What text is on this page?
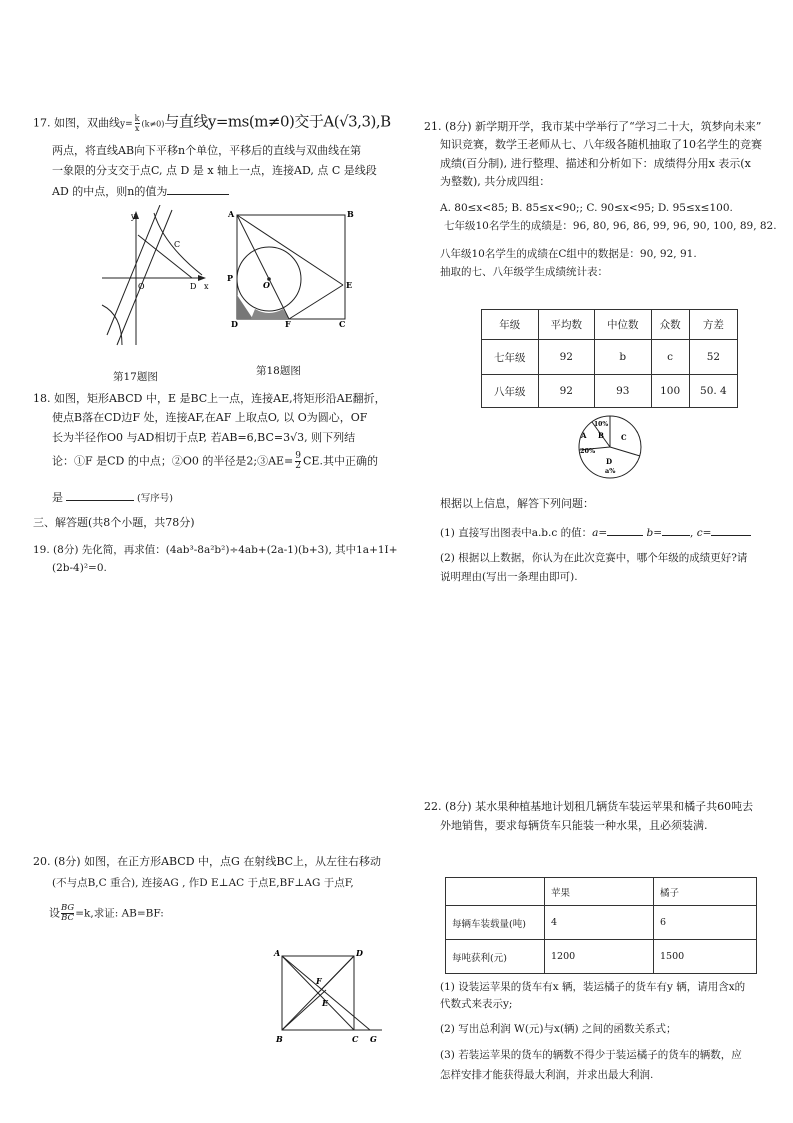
17. 如图，双曲线$y= \frac{k}{x} (k\ne 0)$与直线y=ms(m≠0)交于A(√3,3),B
两点，将直线AB向下平移n个单位，平移后的直线与双曲线在第
一象限的分支交于点C, 点 D 是 x 轴上一点，连接AD, 点 C 是线段
AD 的中点，则n的值为
y
O
C
D x
第17题图
A	B
P
O	E
D	F	C
第18题图
18. 如图，矩形ABCD 中，E 是BC上一点，连接AE,将矩形沿AE翻折，
使点B落在CD边F 处，连接AF,在AF 上取点O, 以 O为圆心，OF
长为半径作O0 与AD相切于点P, 若AB=6,BC=3√3, 则下列结
论：①F 是CD 的中点；②O0 的半径是2;③AE= $\frac{9}{2}$ CE.其中正确的
是	(写序号)
三、解答题(共8个小题，共78分)
19. (8分) 先化简，再求值：(4ab³-8a²b²)÷4ab+(2a-1)(b+3), 其中1a+1I+
(2b-4)²=0.
20. (8分) 如图，在正方形ABCD 中，点G 在射线BC上，从左往右移动
(不与点B,C 重合), 连接AG , 作D E⊥AC 于点E,BF⊥AG 于点F,
设 $\frac{BG}{BC} =k$,求证: AB=BF:
A	D
F
E
B	C G
21. (8分) 新学期开学，我市某中学举行了“学习二十大，筑梦向未来”
知识竞赛，数学王老师从七、八年级各随机抽取了10名学生的竞赛
成绩(百分制), 进行整理、描述和分析如下：成绩得分用x 表示(x
为整数), 共分成四组：
A. 80≤x<85; B. 85≤x<90;; C. 90≤x<95; D. 95≤x≤100.
七年级10名学生的成绩是：96, 80, 96, 86, 99, 96, 90, 100, 89, 82.
八年级10名学生的成绩在C组中的数据是：90, 92, 91.
抽取的七、八年级学生成绩统计表：
年级	平均数	中位数	众数	方差
七年级	92	b	c	52
八年级	92	93	100	50. 4
A
20%
10%
B C
D
a%
根据以上信息，解答下列问题：
(1) 直接写出图表中a.b.c 的值：a=	b=	, c=
(2) 根据以上数据，你认为在此次竞赛中，哪个年级的成绩更好?请
说明理由(写出一条理由即可).
22. (8分) 某水果种植基地计划租几辆货车装运苹果和橘子共60吨去
外地销售，要求每辆货车只能装一种水果，且必须装满.
	苹果	橘子
每辆车装载量(吨)	4	6
每吨获利(元)	1200	1500
(1) 设装运苹果的货车有x 辆，装运橘子的货车有y 辆，请用含x的
代数式来表示y;
(2) 写出总利润 W(元)与x(辆) 之间的函数关系式；
(3) 若装运苹果的货车的辆数不得少于装运橘子的货车的辆数，应
怎样安排才能获得最大利润，并求出最大利润.
